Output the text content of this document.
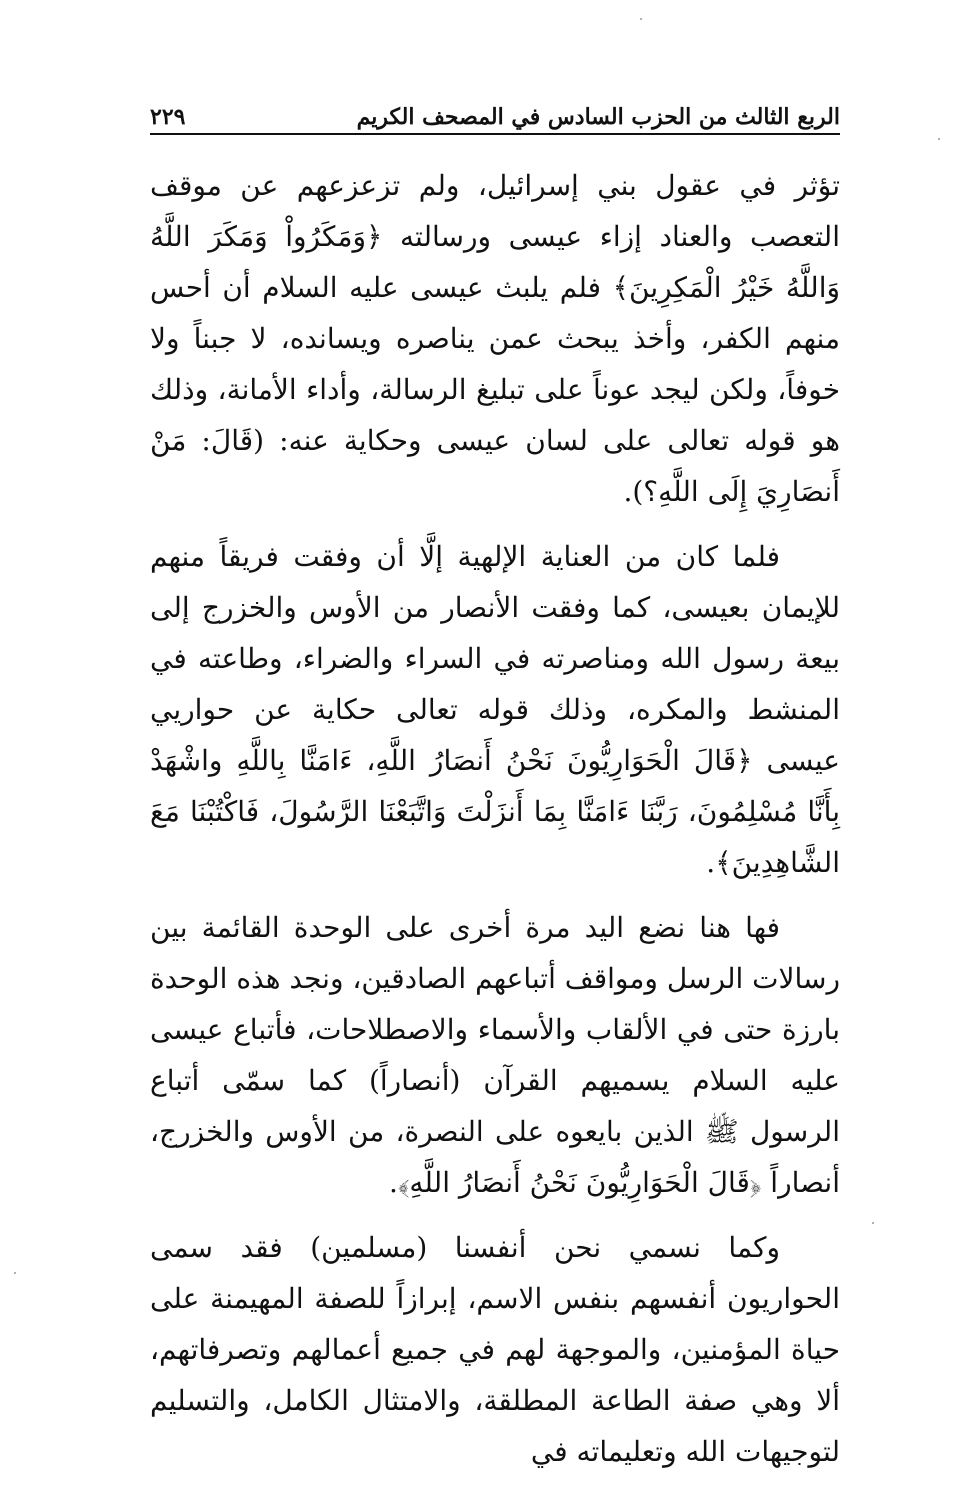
الربع الثالث من الحزب السادس في المصحف الكريم
٢٢٩

تؤثر في عقول بني إسرائيل، ولم تزعزعهم عن موقف التعصب والعناد إزاء عيسى ورسالته ﴿وَمَكَرُواْ وَمَكَرَ اللَّهُ وَاللَّهُ خَيْرُ الْمَكِرِينَ﴾ فلم يلبث عيسى عليه السلام أن أحس منهم الكفر، وأخذ يبحث عمن يناصره ويسانده، لا جبناً ولا خوفاً، ولكن ليجد عوناً على تبليغ الرسالة، وأداء الأمانة، وذلك هو قوله تعالى على لسان عيسى وحكاية عنه: (قَالَ: مَنْ أَنصَارِيَ إِلَى اللَّهِ؟).

فلما كان من العناية الإلهية إلَّا أن وفقت فريقاً منهم للإيمان بعيسى، كما وفقت الأنصار من الأوس والخزرج إلى بيعة رسول الله ومناصرته في السراء والضراء، وطاعته في المنشط والمكره، وذلك قوله تعالى حكاية عن حواريي عيسى ﴿قَالَ الْحَوَارِيُّونَ نَحْنُ أَنصَارُ اللَّهِ، ءَامَنَّا بِاللَّهِ واشْهَدْ بِأَنَّا مُسْلِمُونَ، رَبَّنَا ءَامَنَّا بِمَا أَنزَلْتَ وَاتَّبَعْنَا الرَّسُولَ، فَاكْتُبْنَا مَعَ الشَّاهِدِينَ﴾.

فها هنا نضع اليد مرة أخرى على الوحدة القائمة بين رسالات الرسل ومواقف أتباعهم الصادقين، ونجد هذه الوحدة بارزة حتى في الألقاب والأسماء والاصطلاحات، فأتباع عيسى عليه السلام يسميهم القرآن (أنصاراً) كما سمّى أتباع الرسول ﷺ الذين بايعوه على النصرة، من الأوس والخزرج، أنصاراً ﴿قَالَ الْحَوَارِيُّونَ نَحْنُ أَنصَارُ اللَّهِ﴾.

وكما نسمي نحن أنفسنا (مسلمين) فقد سمى الحواريون أنفسهم بنفس الاسم، إبرازاً للصفة المهيمنة على حياة المؤمنين، والموجهة لهم في جميع أعمالهم وتصرفاتهم، ألا وهي صفة الطاعة المطلقة، والامتثال الكامل، والتسليم لتوجيهات الله وتعليماته في
